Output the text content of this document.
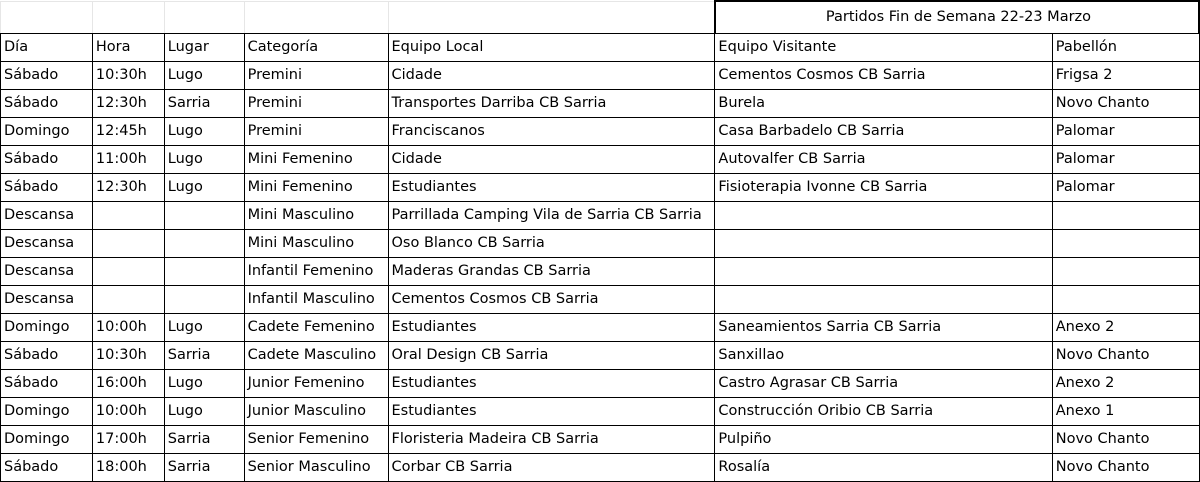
					Partidos Fin de Semana 22-23 Marzo	
Día	Hora	Lugar	Categoría	Equipo Local	Equipo Visitante	Pabellón
Sábado	10:30h	Lugo	Premini	Cidade	Cementos Cosmos CB Sarria	Frigsa 2
Sábado	12:30h	Sarria	Premini	Transportes Darriba CB Sarria	Burela	Novo Chanto
Domingo	12:45h	Lugo	Premini	Franciscanos	Casa Barbadelo CB Sarria	Palomar
Sábado	11:00h	Lugo	Mini Femenino	Cidade	Autovalfer CB Sarria	Palomar
Sábado	12:30h	Lugo	Mini Femenino	Estudiantes	Fisioterapia Ivonne CB Sarria	Palomar
Descansa			Mini Masculino	Parrillada Camping Vila de Sarria CB Sarria		
Descansa			Mini Masculino	Oso Blanco CB Sarria		
Descansa			Infantil Femenino	Maderas Grandas CB Sarria		
Descansa			Infantil Masculino	Cementos Cosmos CB Sarria		
Domingo	10:00h	Lugo	Cadete Femenino	Estudiantes	Saneamientos Sarria CB Sarria	Anexo 2
Sábado	10:30h	Sarria	Cadete Masculino	Oral Design CB Sarria	Sanxillao	Novo Chanto
Sábado	16:00h	Lugo	Junior Femenino	Estudiantes	Castro Agrasar CB Sarria	Anexo 2
Domingo	10:00h	Lugo	Junior Masculino	Estudiantes	Construcción Oribio CB Sarria	Anexo 1
Domingo	17:00h	Sarria	Senior Femenino	Floristeria Madeira CB Sarria	Pulpiño	Novo Chanto
Sábado	18:00h	Sarria	Senior Masculino	Corbar CB Sarria	Rosalía	Novo Chanto
